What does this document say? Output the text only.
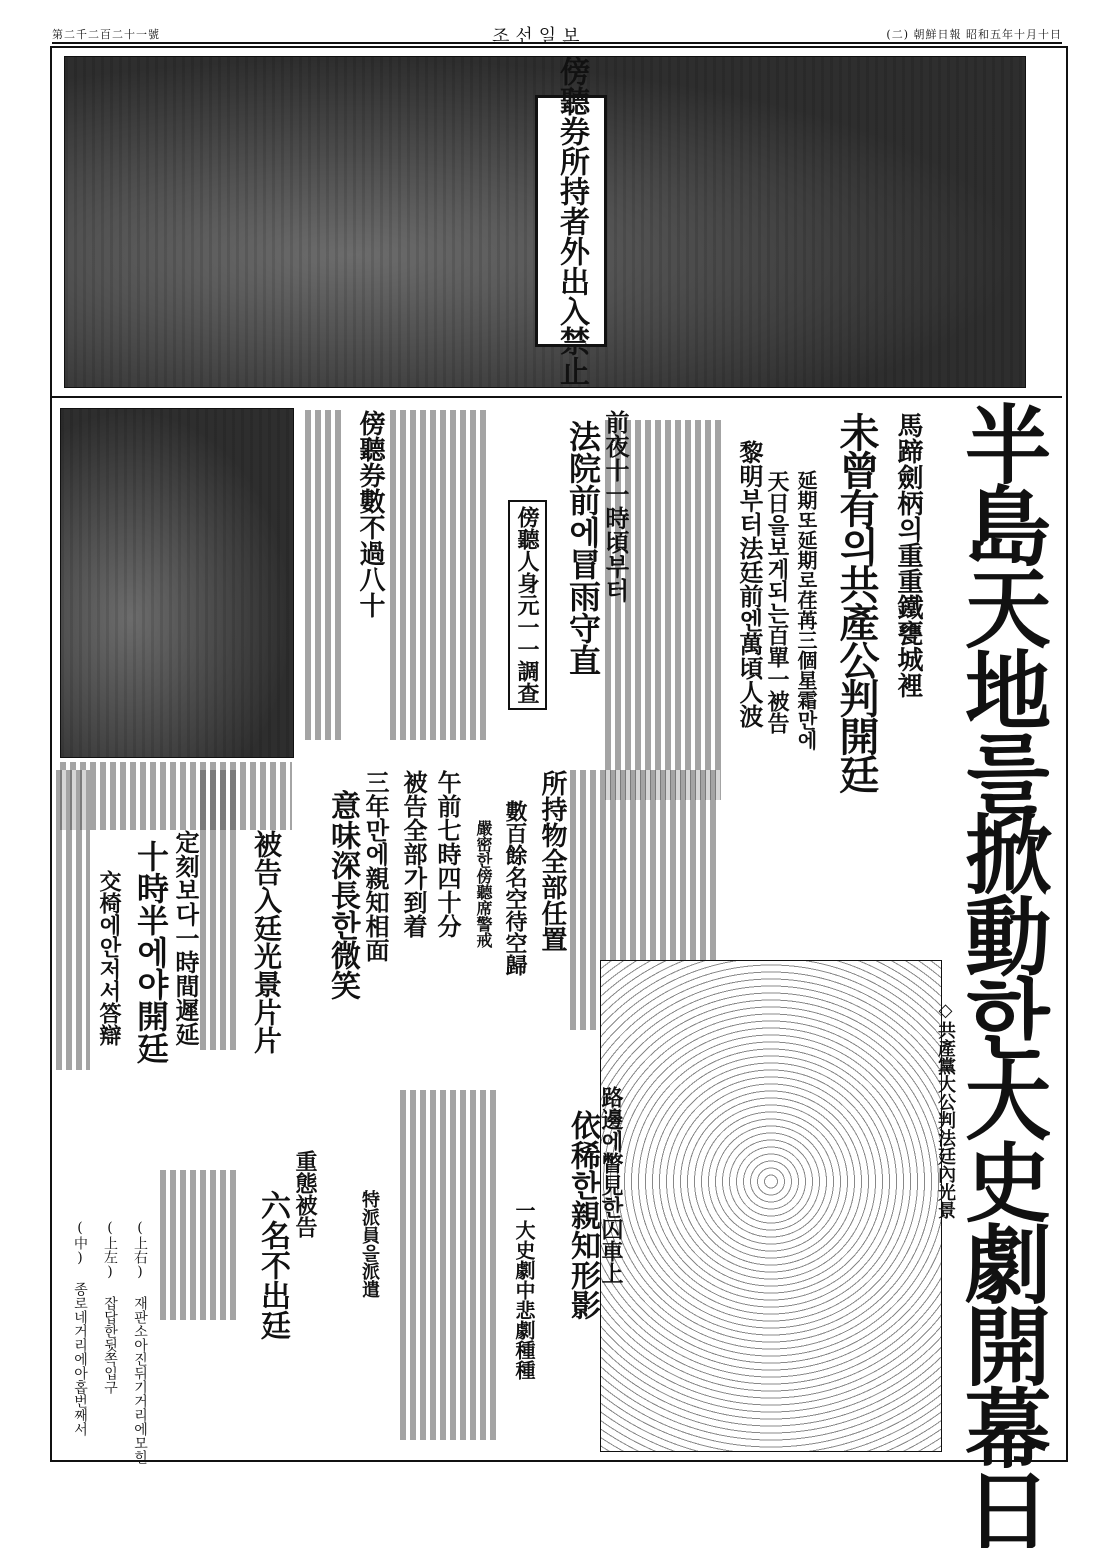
(二) 朝鮮日報 昭和五年十月十日
조선일보
第二千二百二十一號
傍聽券所持者
外出入禁止
半島天地를掀動한大史劇開幕日
馬蹄劍柄의重重鐵甕城裡
未曾有의共產公判開廷
延期또延期로荏苒三個星霜만에
天日을보게되는百單一被告
黎明부터法廷前엔萬頃人波
前夜十一時頃부터
法院前에冒雨守直
傍聽人身元一一調查
傍聽券數不過八十
所持物全部任置
數百餘名空待空歸
嚴密한傍聽席警戒
午前七時四十分
被告全部가到着
三年만에親知相面
意味深長한微笑
被告入廷光景片片
定刻보다一時間遲延
十時半에야開廷
交椅에안저서答辯
◇共產黨大公判法廷內光景
路邊에瞥見한囚車上
依稀한親知形影
一大史劇中悲劇種種
特派員을派遣
重態被告
六名不出廷
(上右) 재판소아진뒤기거리에모힌
(上左) 잡답한뒷쪽입구
(中) 종로네거리에아홉번째서
